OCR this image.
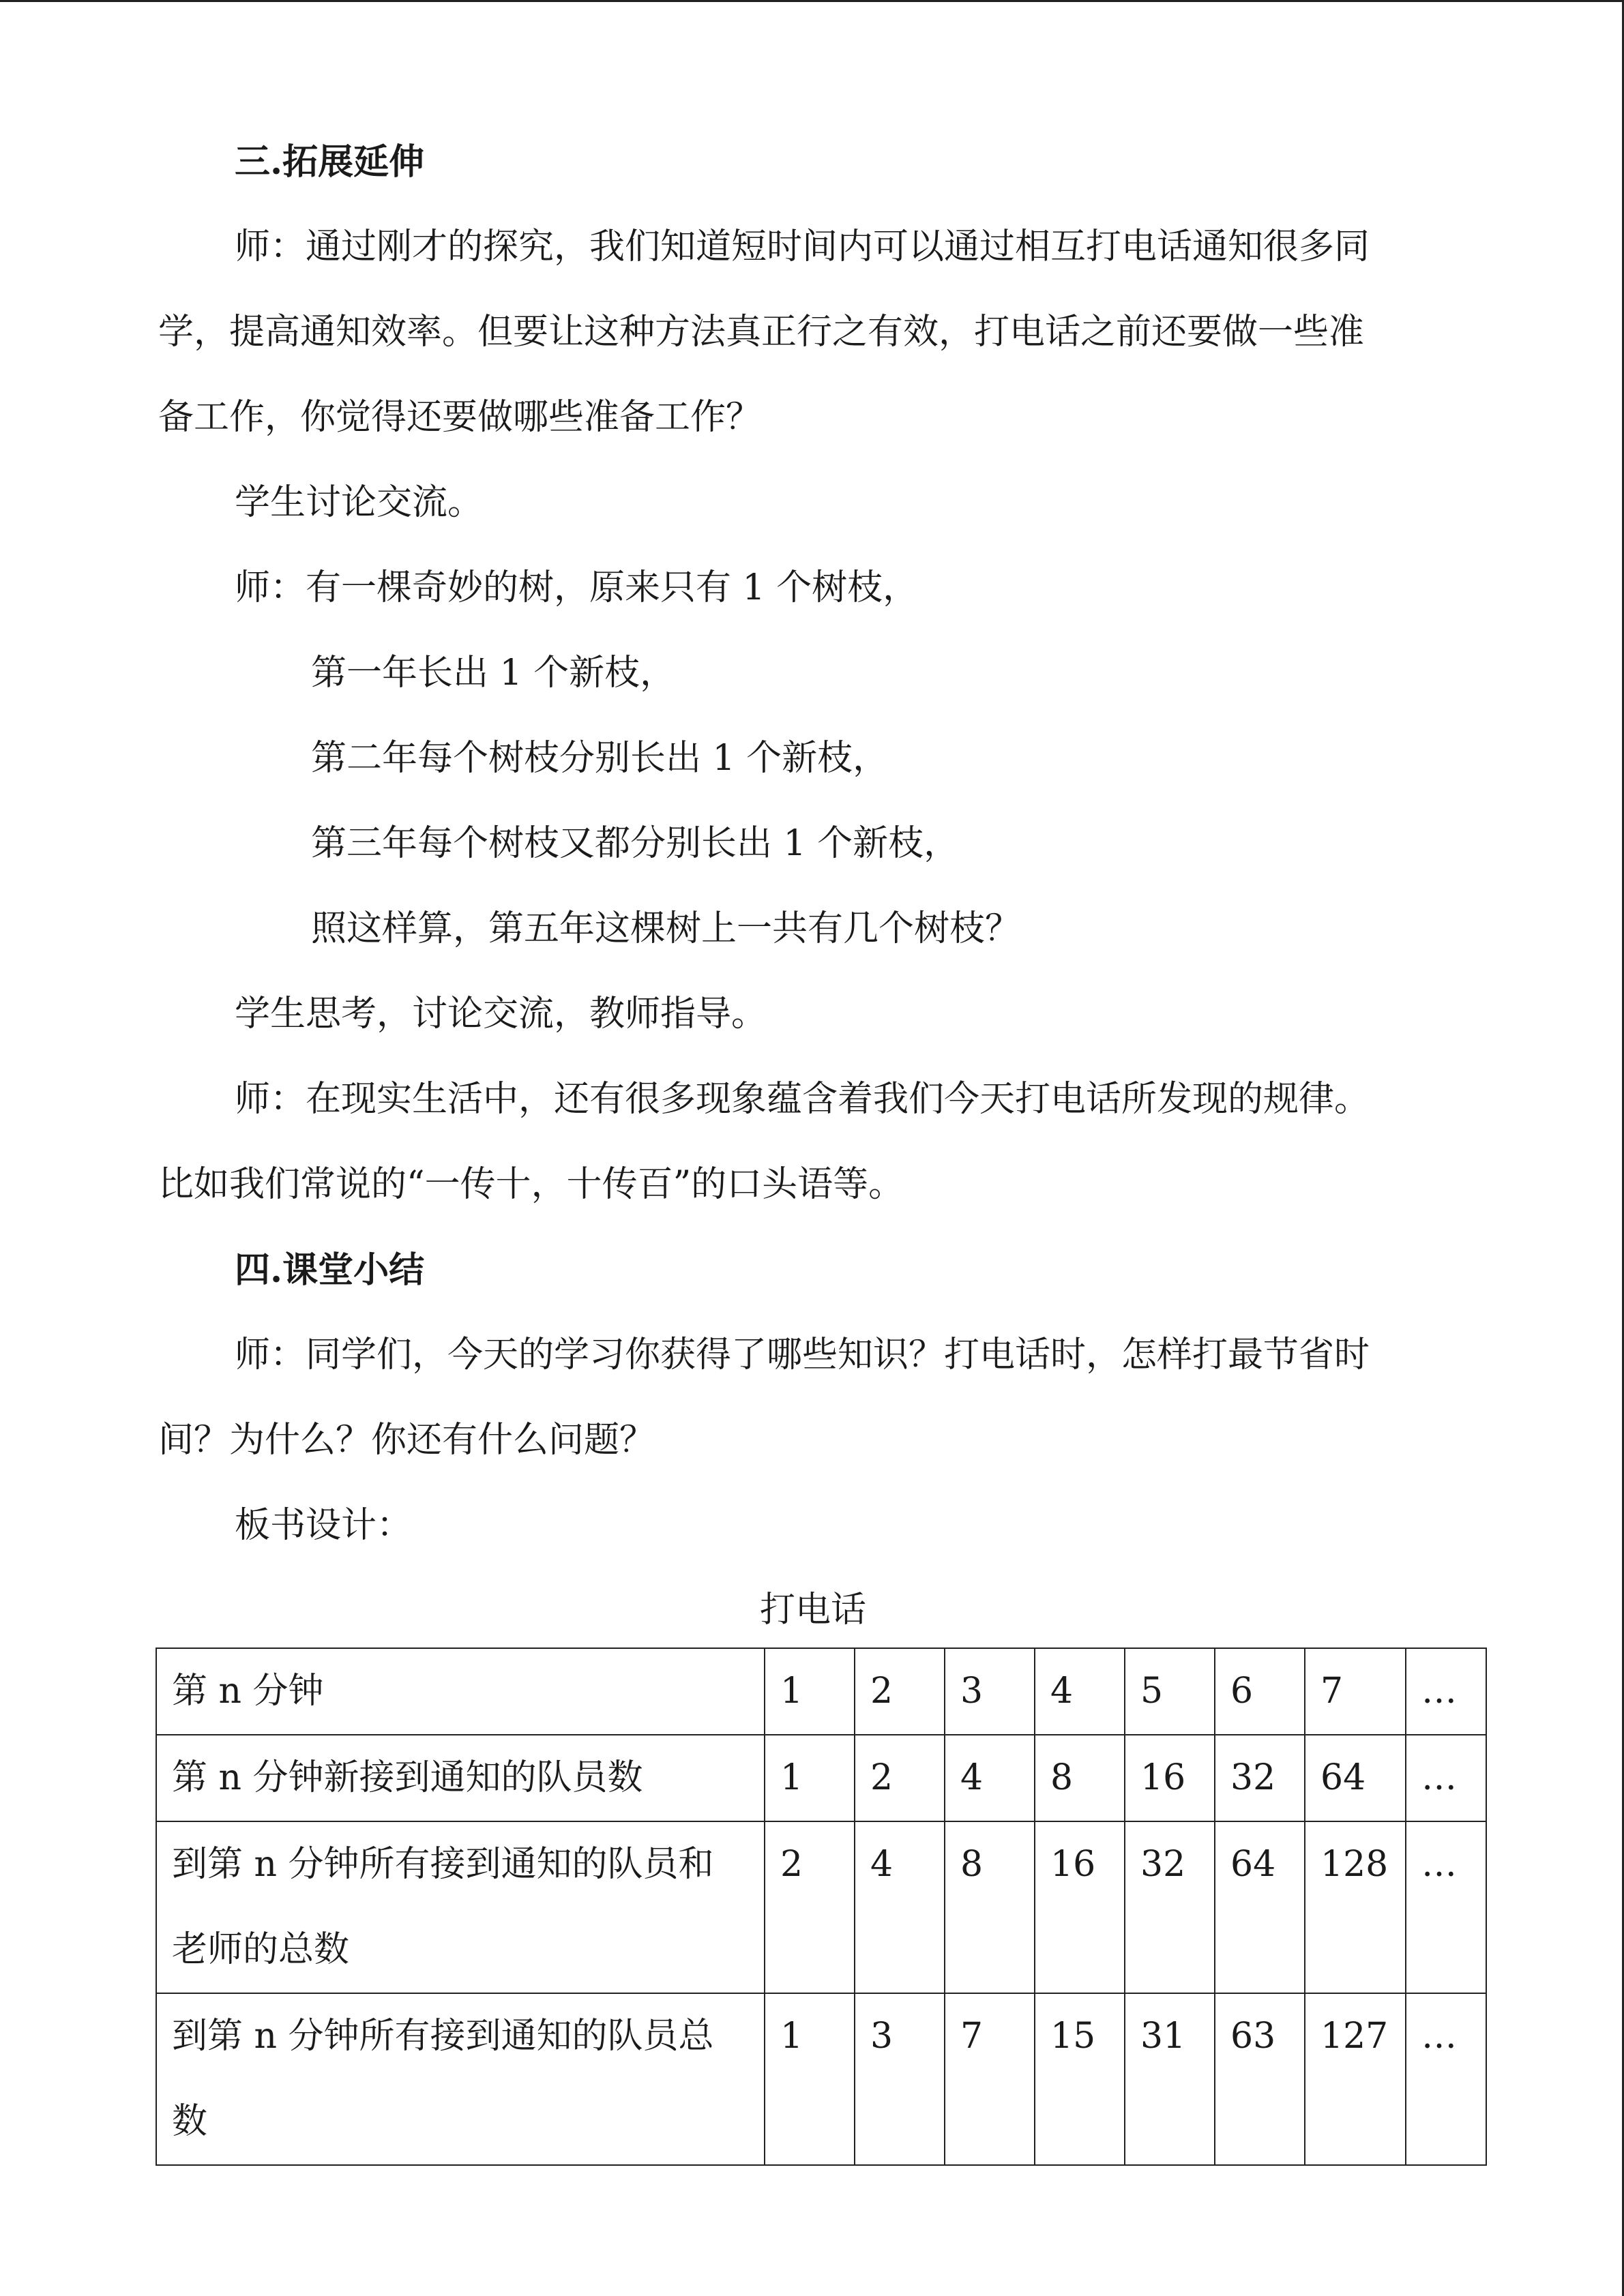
三.拓展延伸

师：通过刚才的探究，我们知道短时间内可以通过相互打电话通知很多同

学，提高通知效率。但要让这种方法真正行之有效，打电话之前还要做一些准

备工作，你觉得还要做哪些准备工作？

学生讨论交流。

师：有一棵奇妙的树，原来只有 1 个树枝，

第一年长出 1 个新枝，

第二年每个树枝分别长出 1 个新枝，

第三年每个树枝又都分别长出 1 个新枝，

照这样算，第五年这棵树上一共有几个树枝？

学生思考，讨论交流，教师指导。

师：在现实生活中，还有很多现象蕴含着我们今天打电话所发现的规律。

比如我们常说的“一传十，十传百”的口头语等。

四.课堂小结

师：同学们，今天的学习你获得了哪些知识？打电话时，怎样打最节省时

间？为什么？你还有什么问题？

板书设计：

打电话

第 n 分钟	1	2	3	4	5	6	7	…
第 n 分钟新接到通知的队员数	1	2	4	8	16	32	64	…
到第 n 分钟所有接到通知的队员和
老师的总数	2	4	8	16	32	64	128	…
到第 n 分钟所有接到通知的队员总
数	1	3	7	15	31	63	127	…
